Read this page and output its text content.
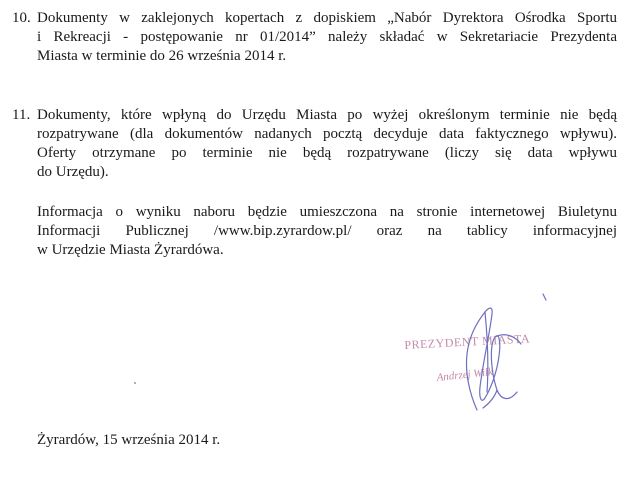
10. Dokumenty w zaklejonych kopertach z dopiskiem „Nabór Dyrektora Ośrodka Sportu
i Rekreacji - postępowanie nr 01/2014” należy składać w Sekretariacie Prezydenta
Miasta w terminie do 26 września 2014 r.
11. Dokumenty, które wpłyną do Urzędu Miasta po wyżej określonym terminie nie będą
rozpatrywane (dla dokumentów nadanych pocztą decyduje data faktycznego wpływu).
Oferty otrzymane po terminie nie będą rozpatrywane (liczy się data wpływu
do Urzędu).
Informacja o wyniku naboru będzie umieszczona na stronie internetowej Biuletynu
Informacji Publicznej /www.bip.zyrardow.pl/ oraz na tablicy informacyjnej
w Urzędzie Miasta Żyrardówa.
PREZYDENT MIASTA
Andrzej Wilk
Żyrardów, 15 września 2014 r.
